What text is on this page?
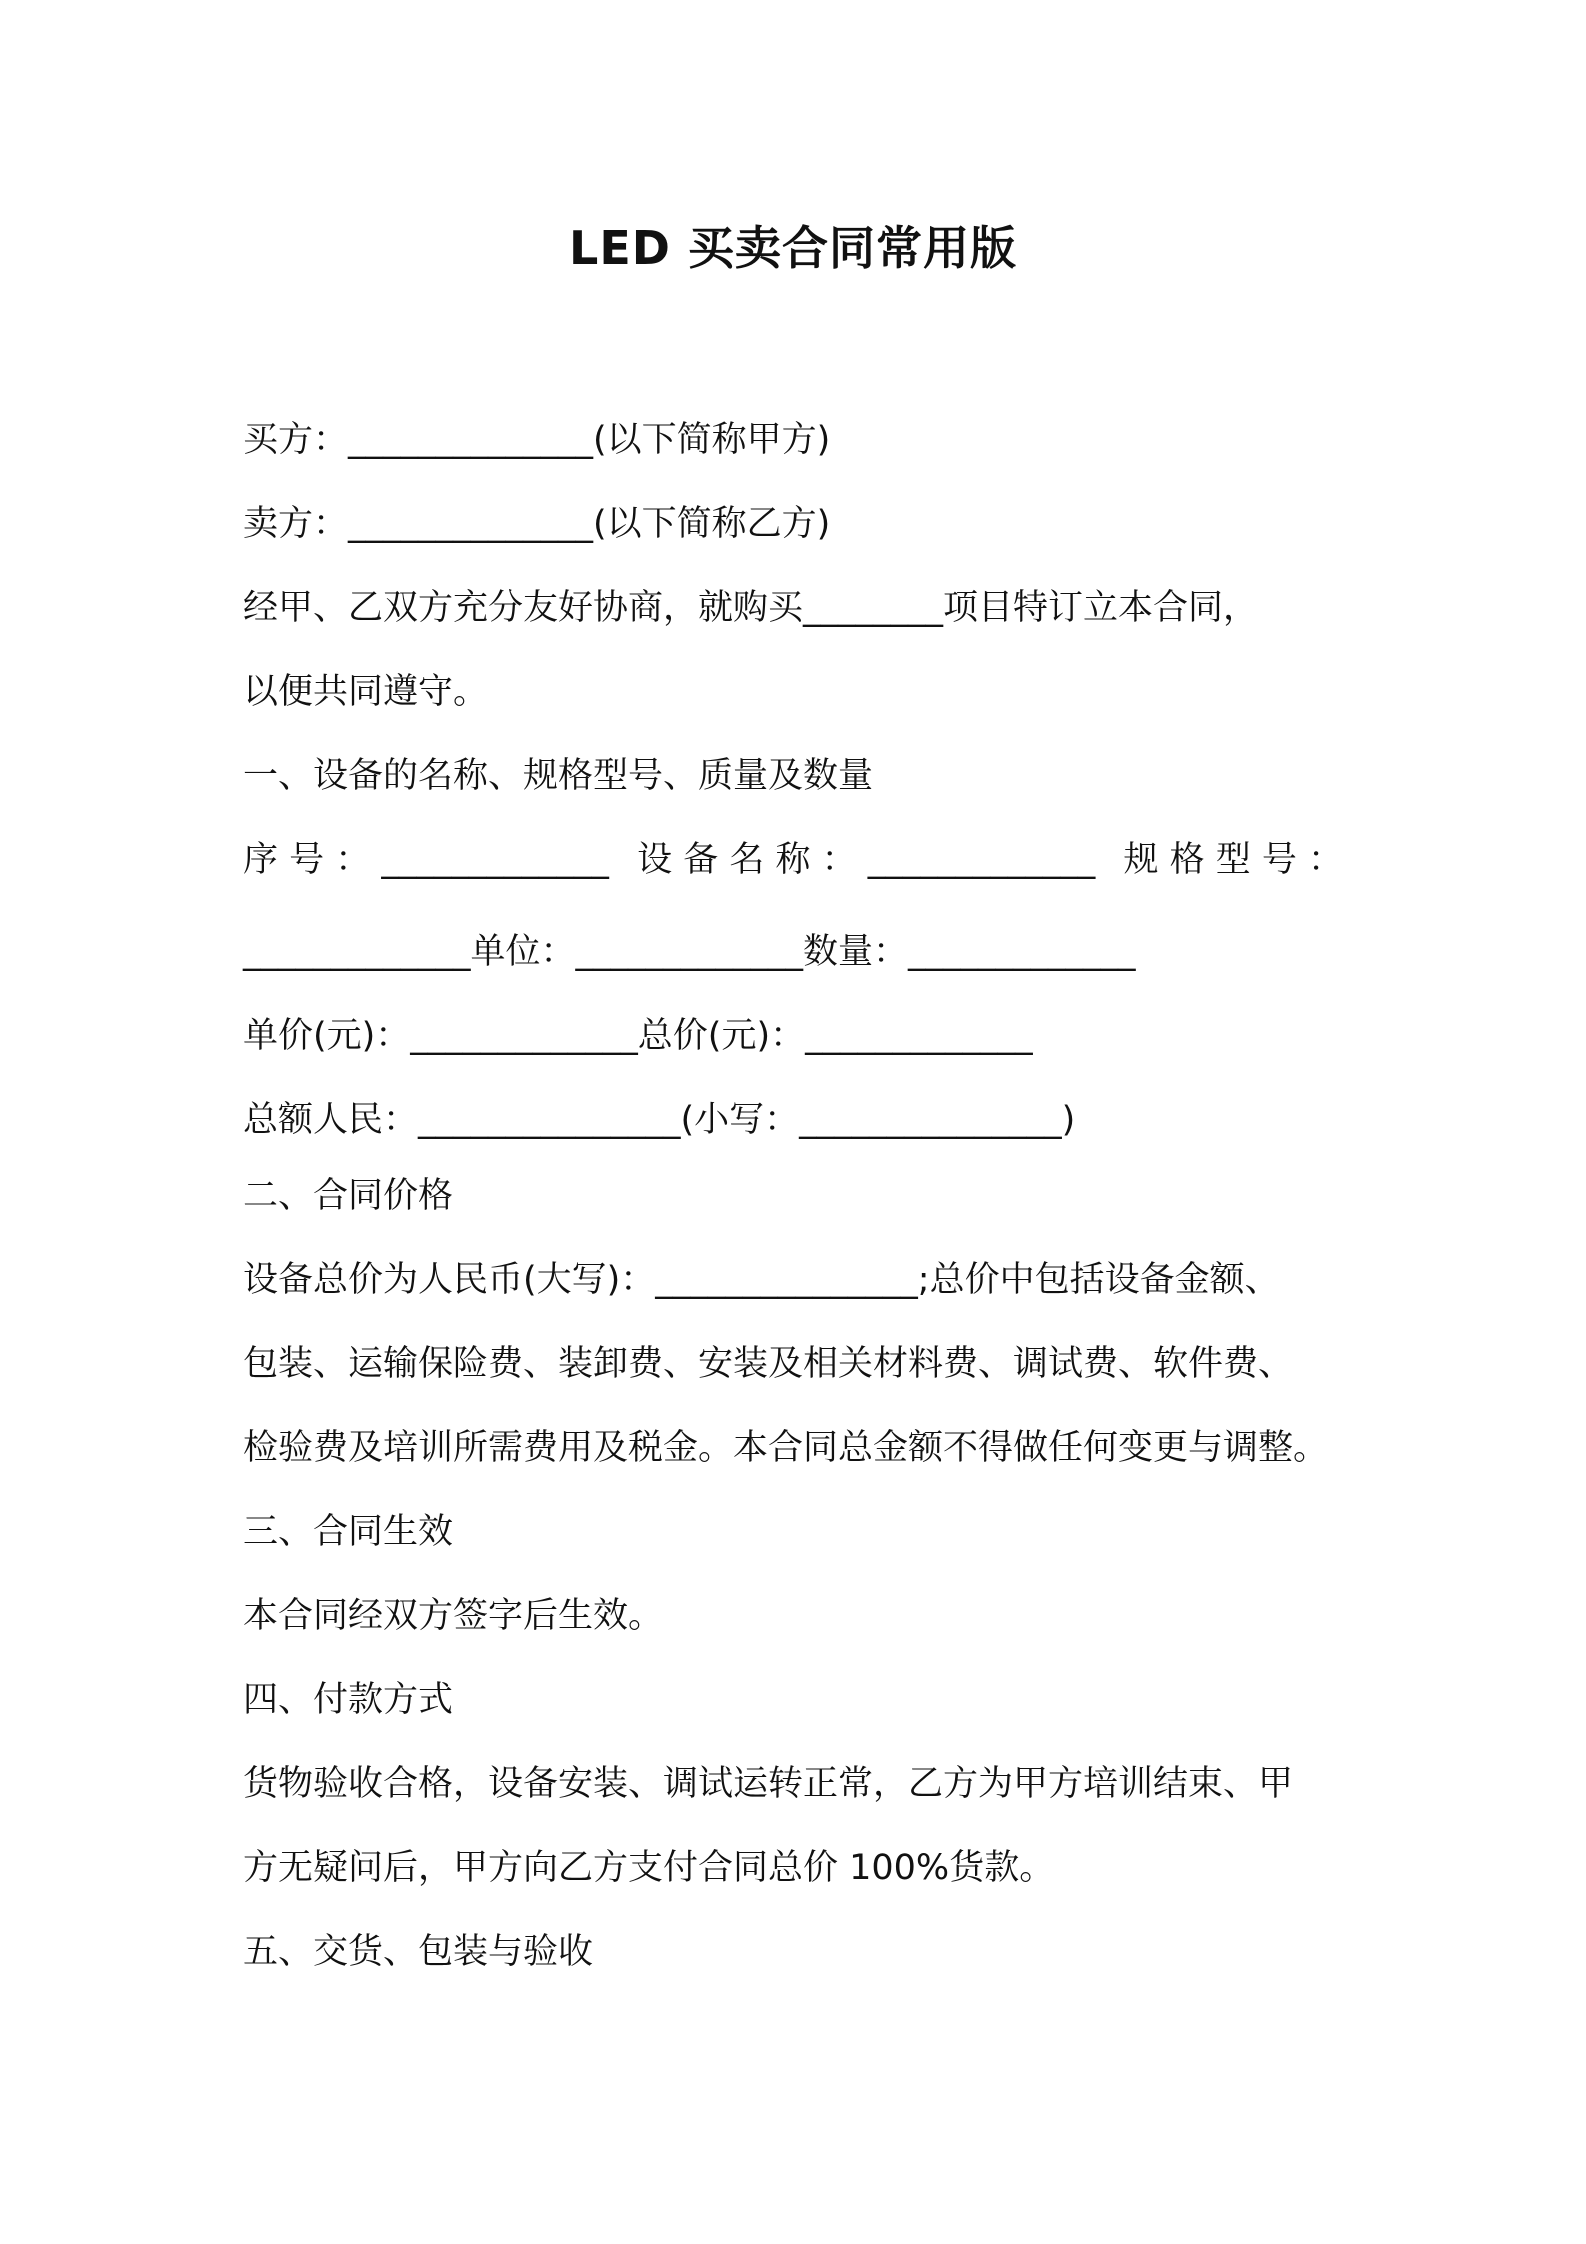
LED 买卖合同常用版
买方：______________(以下简称甲方)
卖方：______________(以下简称乙方)
经甲、乙双方充分友好协商，就购买________项目特订立本合同，
以便共同遵守。
一、设备的名称、规格型号、质量及数量
序 号 ： _____________ 设 备 名 称 ： _____________ 规 格 型 号 ：
_____________单位：_____________数量：_____________
单价(元)：_____________总价(元)：_____________
总额人民：_______________(小写：_______________)
二、合同价格
设备总价为人民币(大写)：_______________;总价中包括设备金额、
包装、运输保险费、装卸费、安装及相关材料费、调试费、软件费、
检验费及培训所需费用及税金。本合同总金额不得做任何变更与调整。
三、合同生效
本合同经双方签字后生效。
四、付款方式
货物验收合格，设备安装、调试运转正常，乙方为甲方培训结束、甲
方无疑问后，甲方向乙方支付合同总价 100%货款。
五、交货、包装与验收
